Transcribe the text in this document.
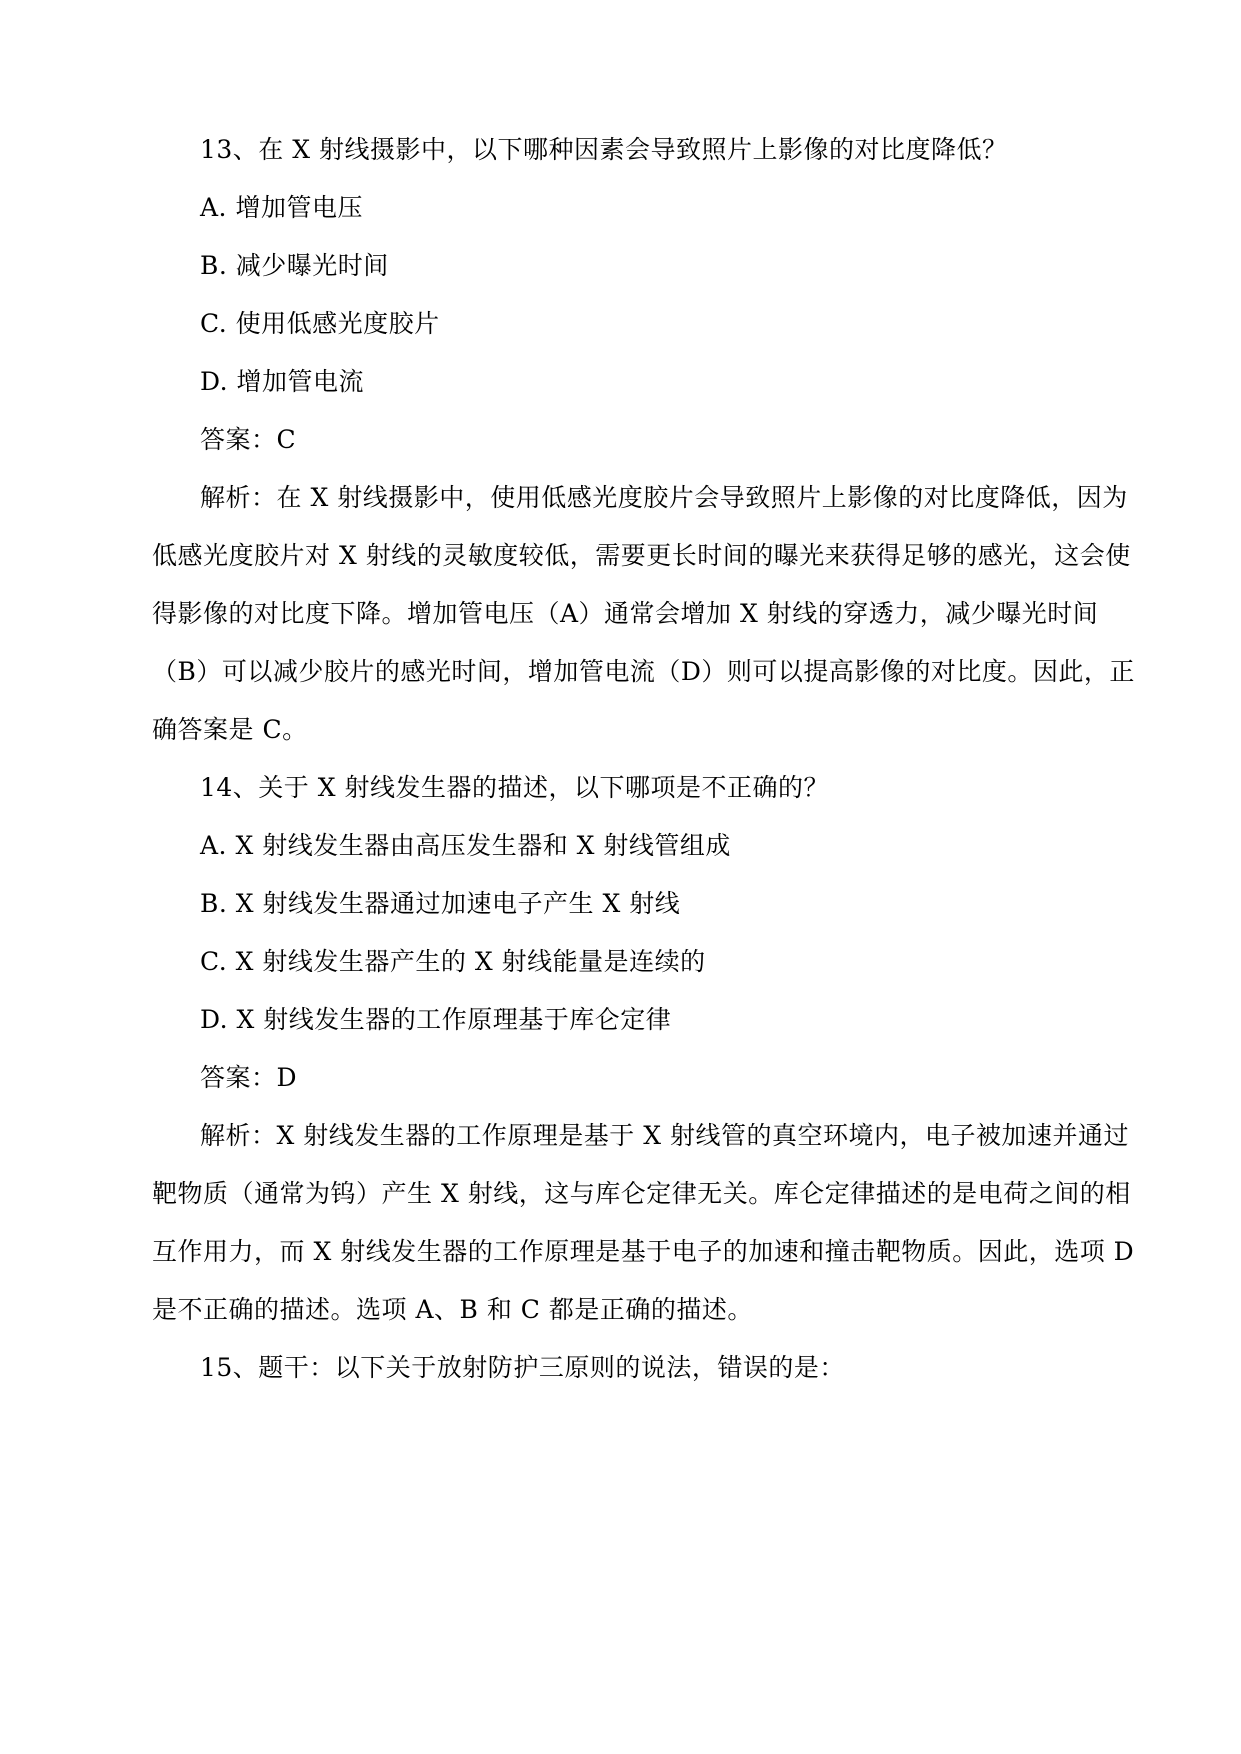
13、在 X 射线摄影中，以下哪种因素会导致照片上影像的对比度降低？
A. 增加管电压
B. 减少曝光时间
C. 使用低感光度胶片
D. 增加管电流
答案：C
解析：在 X 射线摄影中，使用低感光度胶片会导致照片上影像的对比度降低，因为
低感光度胶片对 X 射线的灵敏度较低，需要更长时间的曝光来获得足够的感光，这会使
得影像的对比度下降。增加管电压（A）通常会增加 X 射线的穿透力，减少曝光时间
（B）可以减少胶片的感光时间，增加管电流（D）则可以提高影像的对比度。因此，正
确答案是 C。
14、关于 X 射线发生器的描述，以下哪项是不正确的？
A. X 射线发生器由高压发生器和 X 射线管组成
B. X 射线发生器通过加速电子产生 X 射线
C. X 射线发生器产生的 X 射线能量是连续的
D. X 射线发生器的工作原理基于库仑定律
答案：D
解析：X 射线发生器的工作原理是基于 X 射线管的真空环境内，电子被加速并通过
靶物质（通常为钨）产生 X 射线，这与库仑定律无关。库仑定律描述的是电荷之间的相
互作用力，而 X 射线发生器的工作原理是基于电子的加速和撞击靶物质。因此，选项 D
是不正确的描述。选项 A、B 和 C 都是正确的描述。
15、题干：以下关于放射防护三原则的说法，错误的是：
